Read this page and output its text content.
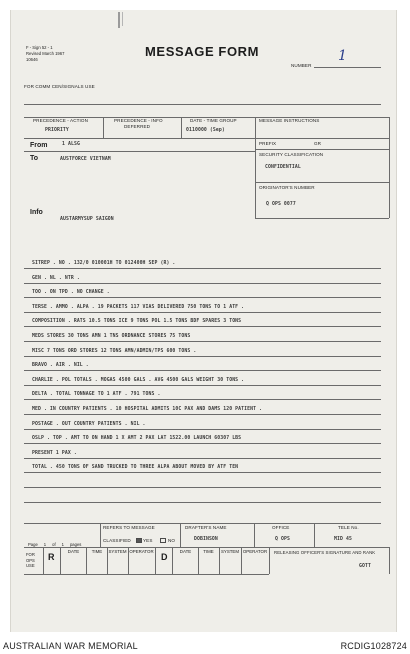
F - Sign 52 - 1
Revised March 1967
10646
MESSAGE FORM
NUMBER
1
FOR COMM CEN/SIGNALS USE
PRECEDENCE - ACTION
PRIORITY
PRECEDENCE - INFO
DEFERRED
DATE - TIME GROUP
0110000 (Sep)
MESSAGE INSTRUCTIONS
From	1 ALSG
To	AUSTFORCE VIETNAM
PREFIX	GR
SECURITY CLASSIFICATION
CONFIDENTIAL
ORIGINATOR'S NUMBER
Q OPS 0077
Info
AUSTARMYSUP SAIGON
SITREP . NO . 132/0 010001H TO 012400H SEP (R) .
GEN . NL . NTR .
TOO . ON TPD . NO CHANGE .
TERSE . AMMO . ALPA . 19 PACKETS 117 VIAS DELIVERED 750 TONS TO 1 ATF .
COMPOSITION . RATS 10.5 TONS ICE 9 TONS POL 1.5 TONS BDF SPARES 3 TONS
MEDS STORES 30 TONS AMN 1 TNS ORDNANCE STORES 75 TONS
MISC 7 TONS ORD STORES 12 TONS AMN/ADMIN/TPS 600 TONS .
BRAVO . AIR . NIL .
CHARLIE . POL TOTALS . MOGAS 4500 GALS . AVG 4500 GALS WEIGHT 30 TONS .
DELTA . TOTAL TONNAGE TO 1 ATF . 791 TONS .
MED . IN COUNTRY PATIENTS . 10 HOSPITAL ADMITS 10C PAX AND DAMS 120 PATIENT .
POSTAGE . OUT COUNTRY PATIENTS . NIL .
OSLP . TOP . AMT TO ON HAND 1 X AMT 2 PAX LAT 1522.00 LAUNCH 60307 LBS
PRESENT 1 PAX .
TOTAL . 450 TONS OF SAND TRUCKED TO THREE ALPA ABOUT MOVED BY ATF TEN
Page 1 of 1 pages
REFERS TO MESSAGE
CLASSIFIED	YES	NO
DRAFTER'S NAME
DOBINSON
OFFICE
Q OPS
TELE No.
MID 45
FOR OPS USE
R
DATE	TIME	SYSTEM OPERATOR
D
DATE	TIME	SYSTEM OPERATOR	RELEASING OFFICER'S SIGNATURE AND RANK
GOTT
AUSTRALIAN WAR MEMORIAL	RCDIG1028724
